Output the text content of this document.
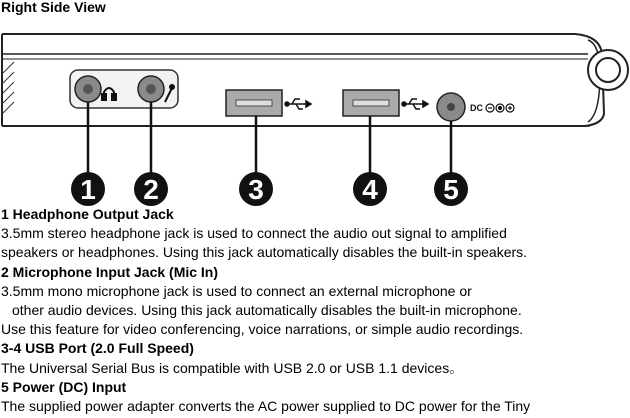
Right Side View
DC
1 2	3	4 5
1 Headphone Output Jack
3.5mm stereo headphone jack is used to connect the audio out signal to amplified
speakers or headphones. Using this jack automatically disables the built-in speakers.
2 Microphone Input Jack (Mic In)
3.5mm mono microphone jack is used to connect an external microphone or
other audio devices. Using this jack automatically disables the built-in microphone.
Use this feature for video conferencing, voice narrations, or simple audio recordings.
3-4 USB Port (2.0 Full Speed)
The Universal Serial Bus is compatible with USB 2.0 or USB 1.1 devices。
5 Power (DC) Input
The supplied power adapter converts the AC power supplied to DC power for the Tiny
